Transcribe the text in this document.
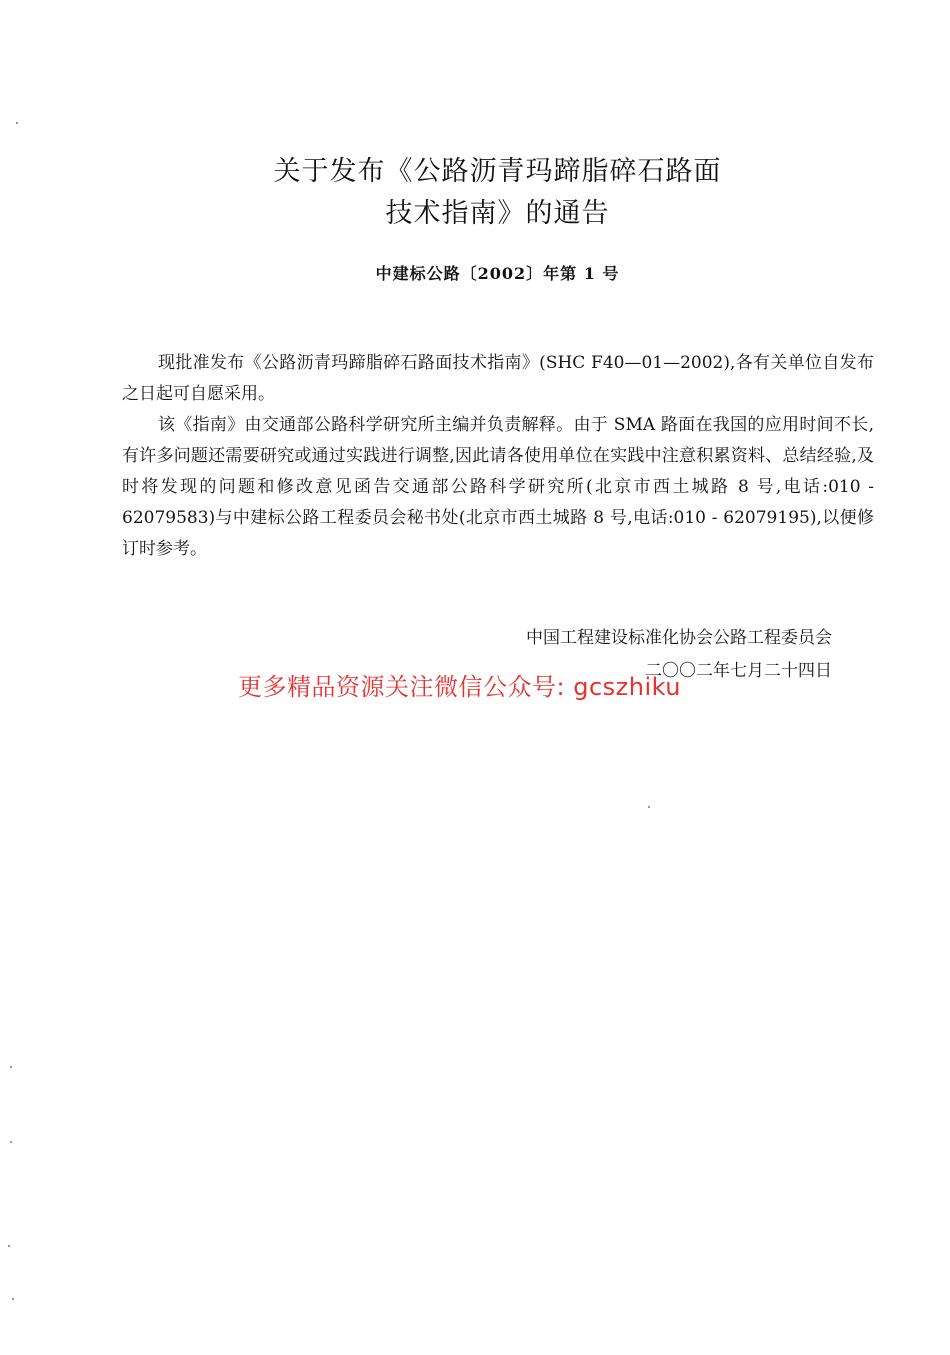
关于发布《公路沥青玛蹄脂碎石路面
技术指南》的通告
中建标公路〔2002〕年第 1 号

现批准发布《公路沥青玛蹄脂碎石路面技术指南》(SHC F40—01—2002),各有关单位自发布之日起可自愿采用。

该《指南》由交通部公路科学研究所主编并负责解释。由于 SMA 路面在我国的应用时间不长,有许多问题还需要研究或通过实践进行调整,因此请各使用单位在实践中注意积累资料、总结经验,及时将发现的问题和修改意见函告交通部公路科学研究所(北京市西土城路 8 号,电话:010 - 62079583)与中建标公路工程委员会秘书处(北京市西土城路 8 号,电话:010 - 62079195),以便修订时参考。

中国工程建设标准化协会公路工程委员会
二〇〇二年七月二十四日
更多精品资源关注微信公众号: gcszhiku
